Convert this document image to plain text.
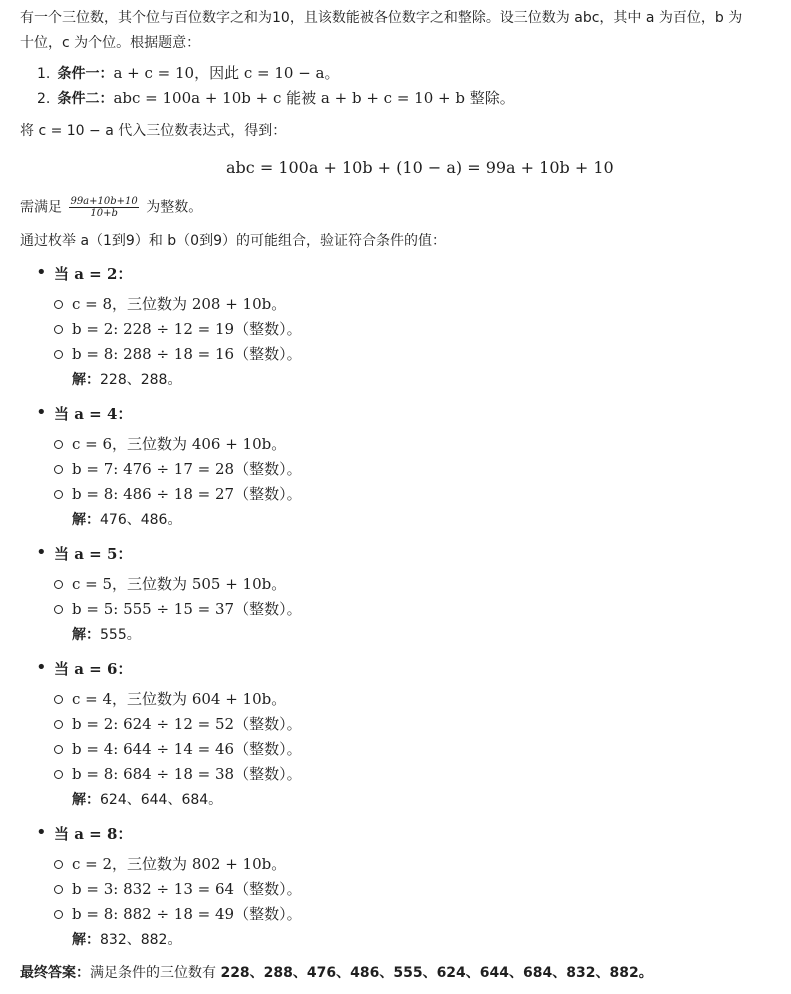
有一个三位数，其个位与百位数字之和为10，且该数能被各位数字之和整除。设三位数为 abc，其中 a 为百位，b 为
十位，c 为个位。根据题意：
1. 条件一：a + c = 10，因此 c = 10 − a。
2. 条件二：abc = 100a + 10b + c 能被 a + b + c = 10 + b 整除。
将 c = 10 − a 代入三位数表达式，得到：
abc = 100a + 10b + (10 − a) = 99a + 10b + 10
需满足 $\frac{99a+10b+10}{10+b}$ 为整数。
通过枚举 a（1到9）和 b（0到9）的可能组合，验证符合条件的值：
• 当 a = 2：
c = 8，三位数为 208 + 10b。
b = 2: 228 ÷ 12 = 19（整数）。
b = 8: 288 ÷ 18 = 16（整数）。
解：228、288。
• 当 a = 4：
c = 6，三位数为 406 + 10b。
b = 7: 476 ÷ 17 = 28（整数）。
b = 8: 486 ÷ 18 = 27（整数）。
解：476、486。
• 当 a = 5：
c = 5，三位数为 505 + 10b。
b = 5: 555 ÷ 15 = 37（整数）。
解：555。
• 当 a = 6：
c = 4，三位数为 604 + 10b。
b = 2: 624 ÷ 12 = 52（整数）。
b = 4: 644 ÷ 14 = 46（整数）。
b = 8: 684 ÷ 18 = 38（整数）。
解：624、644、684。
• 当 a = 8：
c = 2，三位数为 802 + 10b。
b = 3: 832 ÷ 13 = 64（整数）。
b = 8: 882 ÷ 18 = 49（整数）。
解：832、882。
最终答案：满足条件的三位数有 228、288、476、486、555、624、644、684、832、882。
